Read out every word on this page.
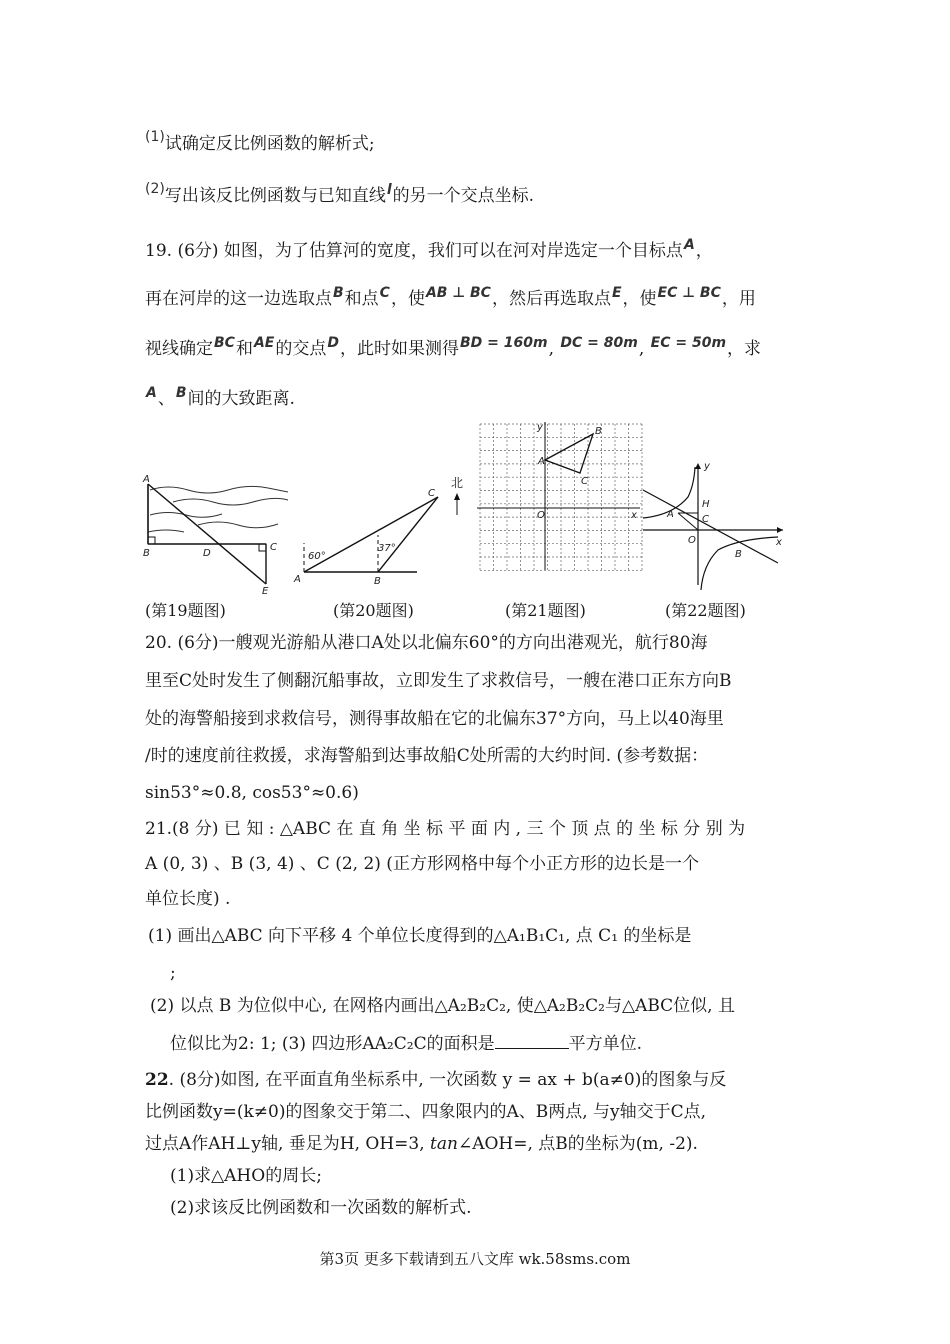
$^{(1)}$试确定反比例函数的解析式;
$^{(2)}$写出该反比例函数与已知直线$^l$的另一个交点坐标.
19. (6分) 如图，为了估算河的宽度，我们可以在河对岸选定一个目标点$^A$，
再在河岸的这一边选取点$^B$和点$^C$，使$^{AB \perp BC}$，然后再选取点$^E$，使$^{EC \perp BC}$，用
视线确定$^{BC}$和$^{AE}$的交点$^D$，此时如果测得$^{BD = 160m}$, $^{DC = 80m}$, $^{EC = 50m}$，求
$^A$、$^B$间的大致距离.
A
B
C
D
E
A	B
C
60°
37°
北
y
x
O
A
B
C
y
x
O
A
B
C
H
(第19题图)	(第20题图)	(第21题图)	(第22题图)
20. (6分)一艘观光游船从港口A处以北偏东60°的方向出港观光，航行80海
里至C处时发生了侧翻沉船事故，立即发生了求救信号，一艘在港口正东方向B
处的海警船接到求救信号，测得事故船在它的北偏东37°方向，马上以40海里
/时的速度前往救援，求海警船到达事故船C处所需的大约时间. (参考数据：
sin53°≈0.8, cos53°≈0.6)
21.(8 分) 已 知 : △ABC 在 直 角 坐 标 平 面 内 , 三 个 顶 点 的 坐 标 分 别 为
A (0, 3) 、B (3, 4) 、C (2, 2) (正方形网格中每个小正方形的边长是一个
单位长度) .
(1) 画出△ABC 向下平移 4 个单位长度得到的△A₁B₁C₁, 点 C₁ 的坐标是
;
(2) 以点 B 为位似中心, 在网格内画出△A₂B₂C₂, 使△A₂B₂C₂与△ABC位似, 且
位似比为2: 1; (3) 四边形AA₂C₂C的面积是	平方单位.
22. (8分)如图, 在平面直角坐标系中, 一次函数 y = ax + b(a≠0)的图象与反
比例函数y=(k≠0)的图象交于第二、四象限内的A、B两点, 与y轴交于C点,
过点A作AH⊥y轴, 垂足为H, OH=3, tan∠AOH=, 点B的坐标为(m, -2).
(1)求△AHO的周长;
(2)求该反比例函数和一次函数的解析式.
第3页 更多下载请到五八文库 wk.58sms.com
